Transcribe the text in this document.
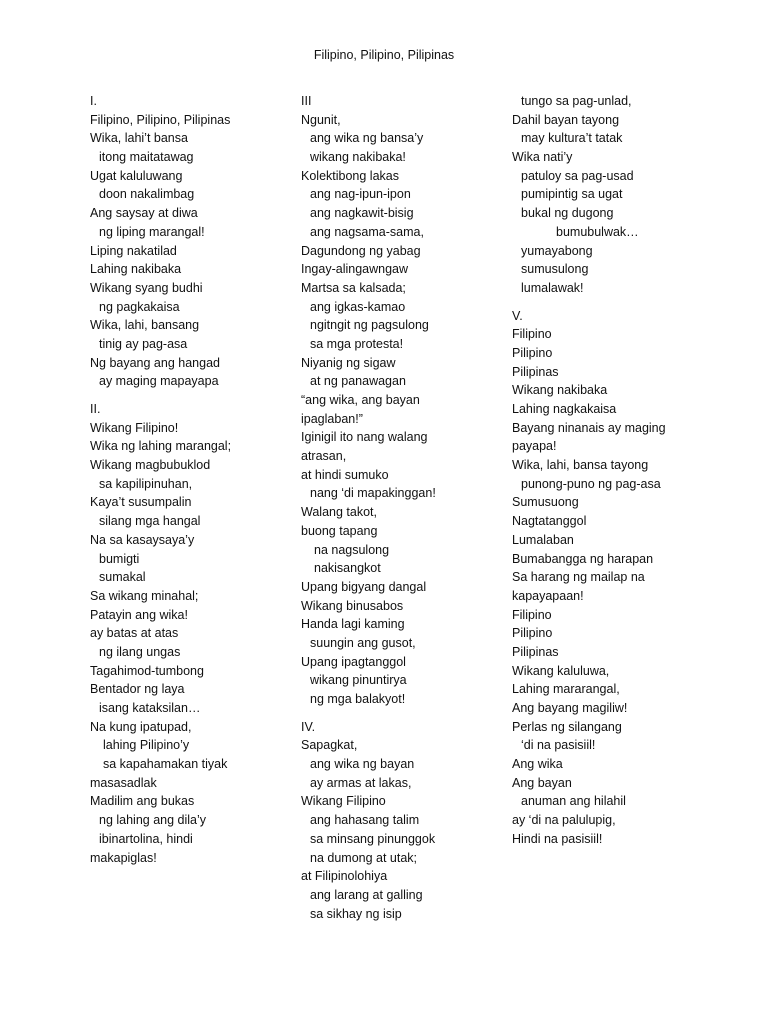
Filipino, Pilipino, Pilipinas
I.
Filipino, Pilipino, Pilipinas
Wika, lahi’t bansa
itong maitatawag
Ugat kaluluwang
doon nakalimbag
Ang saysay at diwa
ng liping marangal!
Liping nakatilad
Lahing nakibaka
Wikang syang budhi
ng pagkakaisa
Wika, lahi, bansang
tinig ay pag-asa
Ng bayang ang hangad
ay maging mapayapa
II.
Wikang Filipino!
Wika ng lahing marangal;
Wikang magbubuklod
sa kapilipinuhan,
Kaya’t susumpalin
silang mga hangal
Na sa kasaysaya’y
bumigti
sumakal
Sa wikang minahal;
Patayin ang wika!
ay batas at atas
ng ilang ungas
Tagahimod-tumbong
Bentador ng laya
isang kataksilan…
Na kung ipatupad,
lahing Pilipino’y
sa kapahamakan tiyak
masasadlak
Madilim ang bukas
ng lahing ang dila’y
ibinartolina, hindi
makapiglas!
III
Ngunit,
ang wika ng bansa’y
wikang nakibaka!
Kolektibong lakas
ang nag-ipun-ipon
ang nagkawit-bisig
ang nagsama-sama,
Dagundong ng yabag
Ingay-alingawngaw
Martsa sa kalsada;
ang igkas-kamao
ngitngit ng pagsulong
sa mga protesta!
Niyanig ng sigaw
at ng panawagan
“ang wika, ang bayan
ipaglaban!”
Iginigil ito nang walang
atrasan,
at hindi sumuko
nang ‘di mapakinggan!
Walang takot,
buong tapang
na nagsulong
nakisangkot
Upang bigyang dangal
Wikang binusabos
Handa lagi kaming
suungin ang gusot,
Upang ipagtanggol
wikang pinuntirya
ng mga balakyot!
IV.
Sapagkat,
ang wika ng bayan
ay armas at lakas,
Wikang Filipino
ang hahasang talim
sa minsang pinunggok
na dumong at utak;
at Filipinolohiya
ang larang at galling
sa sikhay ng isip
tungo sa pag-unlad,
Dahil bayan tayong
may kultura’t tatak
Wika nati’y
patuloy sa pag-usad
pumipintig sa ugat
bukal ng dugong
bumubulwak…
yumayabong
sumusulong
lumalawak!
V.
Filipino
Pilipino
Pilipinas
Wikang nakibaka
Lahing nagkakaisa
Bayang ninanais ay maging
payapa!
Wika, lahi, bansa tayong
punong-puno ng pag-asa
Sumusuong
Nagtatanggol
Lumalaban
Bumabangga ng harapan
Sa harang ng mailap na
kapayapaan!
Filipino
Pilipino
Pilipinas
Wikang kaluluwa,
Lahing mararangal,
Ang bayang magiliw!
Perlas ng silangang
‘di na pasisiil!
Ang wika
Ang bayan
anuman ang hilahil
ay ‘di na palulupig,
Hindi na pasisiil!
